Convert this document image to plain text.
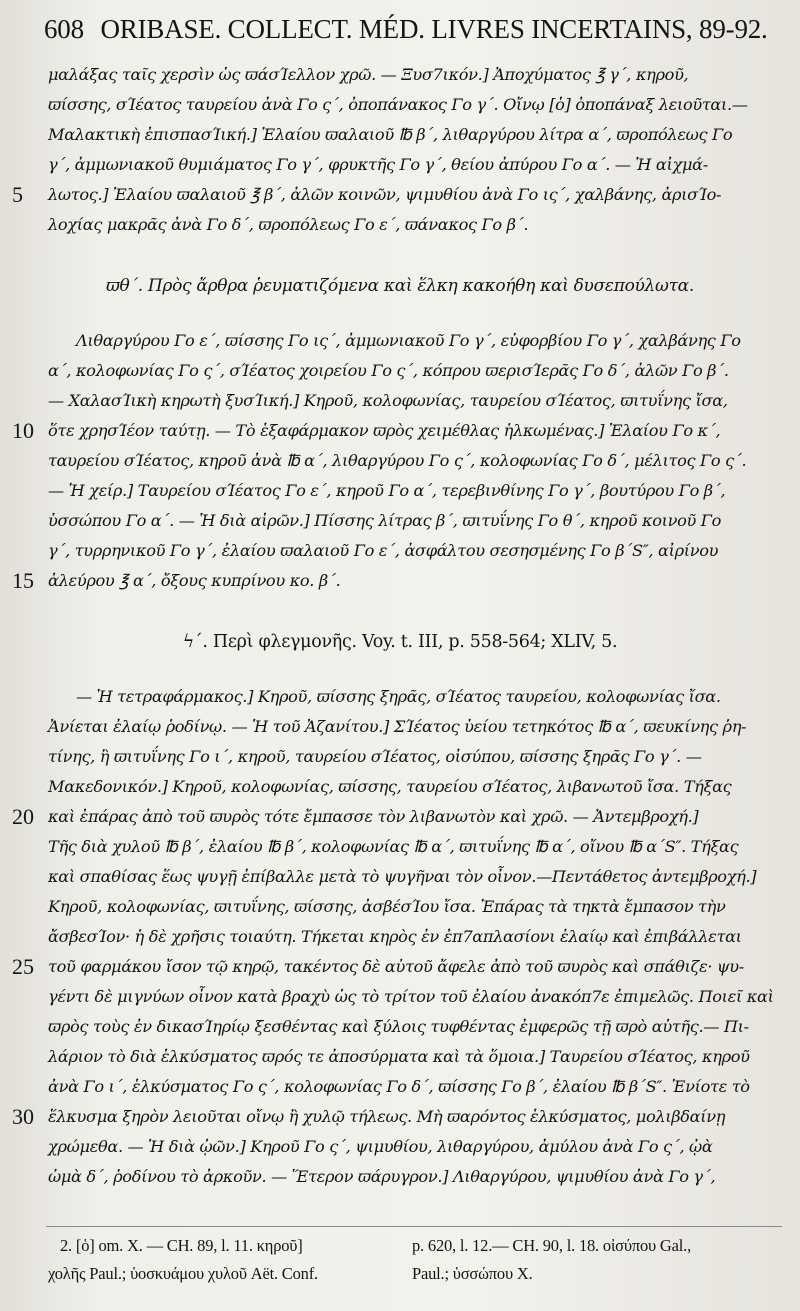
608 ORIBASE. COLLECT. MÉD. LIVRES INCERTAINS, 89-92.
μαλάξας ταῖς χερσὶν ὡς ϖάσΊελλον χρῶ. — Ξυσ7ικόν.] Ἀποχύματος ℥ γ΄, κηροῦ,
ϖίσσης, σΊέατος ταυρείου ἀνὰ Γο ς΄, ὀποπάνακος Γο γ΄. Οἴνῳ [ὁ] ὀποπάναξ λειοῦται.—
Μαλακτικὴ ἐπισπασΊική.] Ἐλαίου ϖαλαιοῦ ℔ β΄, λιθαργύρου λίτρα α΄, ϖροπόλεως Γο
γ΄, ἀμμωνιακοῦ θυμιάματος Γο γ΄, φρυκτῆς Γο γ΄, θείου ἀπύρου Γο α΄. — Ἡ αἰχμά-
5	λωτος.] Ἐλαίου ϖαλαιοῦ ℥ β΄, ἀλῶν κοινῶν, ψιμυθίου ἀνὰ Γο ις΄, χαλβάνης, ἀρισΊο-
λοχίας μακρᾶς ἀνὰ Γο δ΄, ϖροπόλεως Γο ε΄, ϖάνακος Γο β΄.
ϖθ΄. Πρὸς ἄρθρα ῥευματιζόμενα καὶ ἕλκη κακοήθη καὶ δυσεπούλωτα.
Λιθαργύρου Γο ε΄, ϖίσσης Γο ις΄, ἀμμωνιακοῦ Γο γ΄, εὐφορβίου Γο γ΄, χαλβάνης Γο
α΄, κολοφωνίας Γο ς΄, σΊέατος χοιρείου Γο ς΄, κόπρου ϖερισΊερᾶς Γο δ΄, ἀλῶν Γο β΄.
— ΧαλασΊικὴ κηρωτὴ ξυσΊική.] Κηροῦ, κολοφωνίας, ταυρείου σΊέατος, ϖιτυΐνης ἴσα,
10 ὅτε χρησΊέον ταύτῃ. — Τὸ ἑξαφάρμακον ϖρὸς χειμέθλας ἡλκωμένας.] Ἐλαίου Γο κ΄,
ταυρείου σΊέατος, κηροῦ ἀνὰ ℔ α΄, λιθαργύρου Γο ς΄, κολοφωνίας Γο δ΄, μέλιτος Γο ς΄.
— Ἡ χείρ.] Ταυρείου σΊέατος Γο ε΄, κηροῦ Γο α΄, τερεβινθίνης Γο γ΄, βουτύρου Γο β΄,
ὑσσώπου Γο α΄. — Ἡ διὰ αἰρῶν.] Πίσσης λίτρας β΄, ϖιτυΐνης Γο θ΄, κηροῦ κοινοῦ Γο
γ΄, τυρρηνικοῦ Γο γ΄, ἐλαίου ϖαλαιοῦ Γο ε΄, ἀσφάλτου σεσησμένης Γο β΄S″, αἰρίνου
15 ἀλεύρου ℥ α΄, ὄξους κυπρίνου κο. β΄.
ϟ΄. Περὶ φλεγμονῆς. Voy. t. III, p. 558-564; XLIV, 5.
— Ἡ τετραφάρμακος.] Κηροῦ, ϖίσσης ξηρᾶς, σΊέατος ταυρείου, κολοφωνίας ἴσα.
Ἀνίεται ἐλαίῳ ῥοδίνῳ. — Ἡ τοῦ Ἀζανίτου.] ΣΊέατος ὑείου τετηκότος ℔ α΄, ϖευκίνης ῥη-
τίνης, ἢ ϖιτυΐνης Γο ι΄, κηροῦ, ταυρείου σΊέατος, οἰσύπου, ϖίσσης ξηρᾶς Γο γ΄. —
Μακεδονικόν.] Κηροῦ, κολοφωνίας, ϖίσσης, ταυρείου σΊέατος, λιβανωτοῦ ἴσα. Τήξας
20 καὶ ἐπάρας ἀπὸ τοῦ ϖυρὸς τότε ἔμπασσε τὸν λιβανωτὸν καὶ χρῶ. — Ἀντεμβροχή.]
Τῆς διὰ χυλοῦ ℔ β΄, ἐλαίου ℔ β΄, κολοφωνίας ℔ α΄, ϖιτυΐνης ℔ α΄, οἴνου ℔ α΄S″. Τήξας
καὶ σπαθίσας ἕως ψυγῇ ἐπίβαλλε μετὰ τὸ ψυγῆναι τὸν οἶνον.—Πεντάθετος ἀντεμβροχή.]
Κηροῦ, κολοφωνίας, ϖιτυΐνης, ϖίσσης, ἀσβέσΊου ἴσα. Ἐπάρας τὰ τηκτὰ ἔμπασον τὴν
ἄσβεσΊον· ἡ δὲ χρῆσις τοιαύτη. Τήκεται κηρὸς ἐν ἐπ7απλασίονι ἐλαίῳ καὶ ἐπιβάλλεται
25 τοῦ φαρμάκου ἴσον τῷ κηρῷ, τακέντος δὲ αὐτοῦ ἄφελε ἀπὸ τοῦ ϖυρὸς καὶ σπάθιζε· ψυ-
γέντι δὲ μιγνύων οἶνον κατὰ βραχὺ ὡς τὸ τρίτον τοῦ ἐλαίου ἀνακόπ7ε ἐπιμελῶς. Ποιεῖ καὶ
ϖρὸς τοὺς ἐν δικασΊηρίῳ ξεσθέντας καὶ ξύλοις τυφθέντας ἐμφερῶς τῇ ϖρὸ αὐτῆς.— Πι-
λάριον τὸ διὰ ἑλκύσματος ϖρός τε ἀποσύρματα καὶ τὰ ὅμοια.] Ταυρείου σΊέατος, κηροῦ
ἀνὰ Γο ι΄, ἑλκύσματος Γο ς΄, κολοφωνίας Γο δ΄, ϖίσσης Γο β΄, ἐλαίου ℔ β΄S″. Ἐνίοτε τὸ
30 ἕλκυσμα ξηρὸν λειοῦται οἴνῳ ἢ χυλῷ τήλεως. Μὴ ϖαρόντος ἑλκύσματος, μολιβδαίνῃ
χρώμεθα. — Ἡ διὰ ᾠῶν.] Κηροῦ Γο ς΄, ψιμυθίου, λιθαργύρου, ἀμύλου ἀνὰ Γο ς΄, ᾠὰ
ὠμὰ δ΄, ῥοδίνου τὸ ἀρκοῦν. — Ἕτερον ϖάρυγρον.] Λιθαργύρου, ψιμυθίου ἀνὰ Γο γ΄,
2. [ὁ] om. X. — CH. 89, l. 11. κηροῦ]
χολῆς Paul.; ὑοσκυάμου χυλοῦ Aët. Conf.
p. 620, l. 12.— CH. 90, l. 18. οἰσύπου Gal.,
Paul.; ὑσσώπου X.
